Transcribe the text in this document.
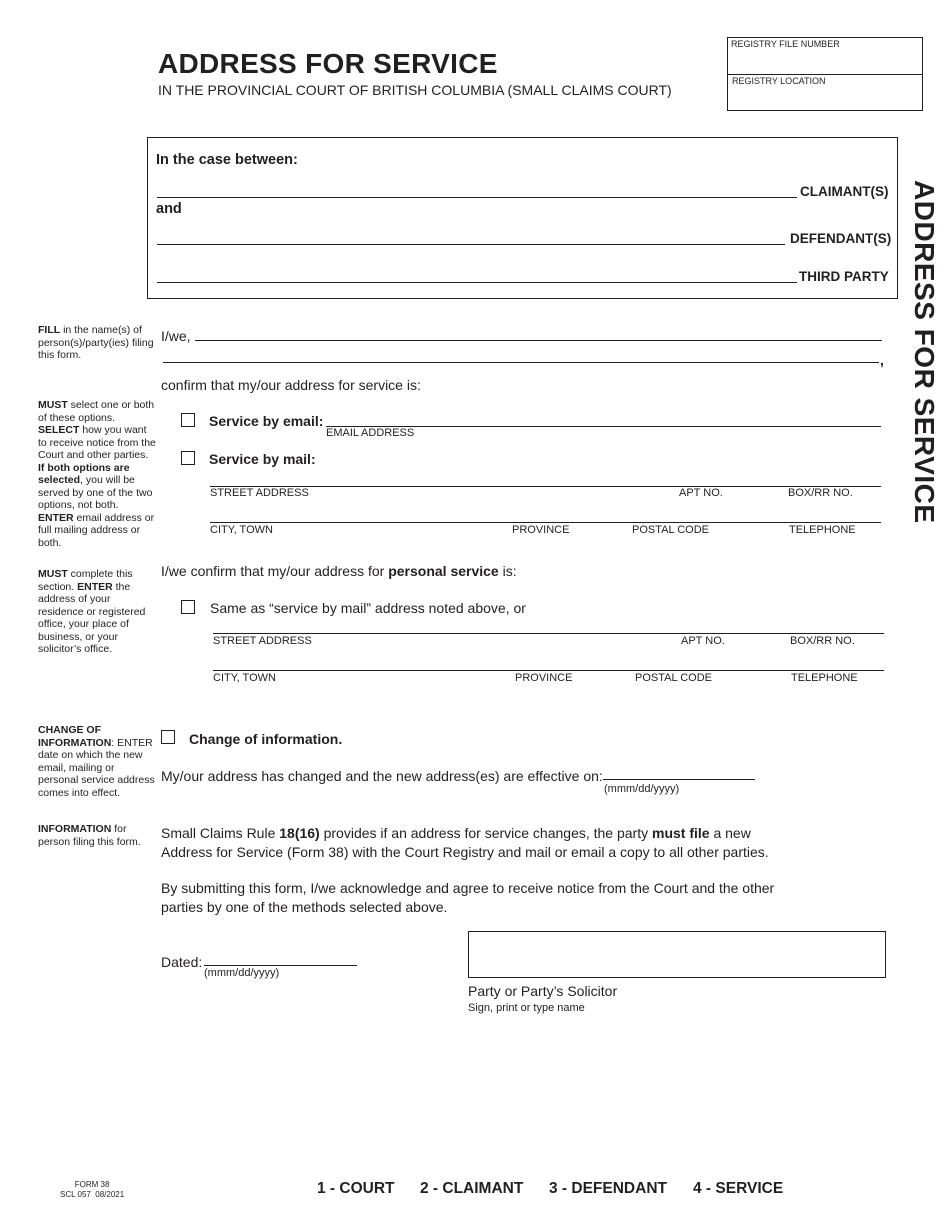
ADDRESS FOR SERVICE
IN THE PROVINCIAL COURT OF BRITISH COLUMBIA (SMALL CLAIMS COURT)
REGISTRY FILE NUMBER
REGISTRY LOCATION
ADDRESS FOR SERVICE
In the case between:
CLAIMANT(S)
and
DEFENDANT(S)
THIRD PARTY
FILL in the name(s) of person(s)/party(ies) filing this form.
MUST select one or both of these options. SELECT how you want to receive notice from the Court and other parties. If both options are selected, you will be served by one of the two options, not both. ENTER email address or full mailing address or both.
MUST complete this section. ENTER the address of your residence or registered office, your place of business, or your solicitor’s office.
CHANGE OF INFORMATION: ENTER date on which the new email, mailing or personal service address comes into effect.
INFORMATION for person filing this form.
I/we,
,
confirm that my/our address for service is:
Service by email:
EMAIL ADDRESS
Service by mail:
STREET ADDRESS	APT NO.	BOX/RR NO.
CITY, TOWN	PROVINCE	POSTAL CODE	TELEPHONE
I/we confirm that my/our address for personal service is:
Same as “service by mail” address noted above, or
STREET ADDRESS	APT NO.	BOX/RR NO.
CITY, TOWN	PROVINCE	POSTAL CODE	TELEPHONE
Change of information.
My/our address has changed and the new address(es) are effective on:
(mmm/dd/yyyy)
Small Claims Rule 18(16) provides if an address for service changes, the party must file a new
Address for Service (Form 38) with the Court Registry and mail or email a copy to all other parties.
By submitting this form, I/we acknowledge and agree to receive notice from the Court and the other
parties by one of the methods selected above.
Dated:
(mmm/dd/yyyy)
Party or Party’s Solicitor
Sign, print or type name
FORM 38
SCL 057  08/2021	1 - COURT 2 - CLAIMANT 3 - DEFENDANT 4 - SERVICE
